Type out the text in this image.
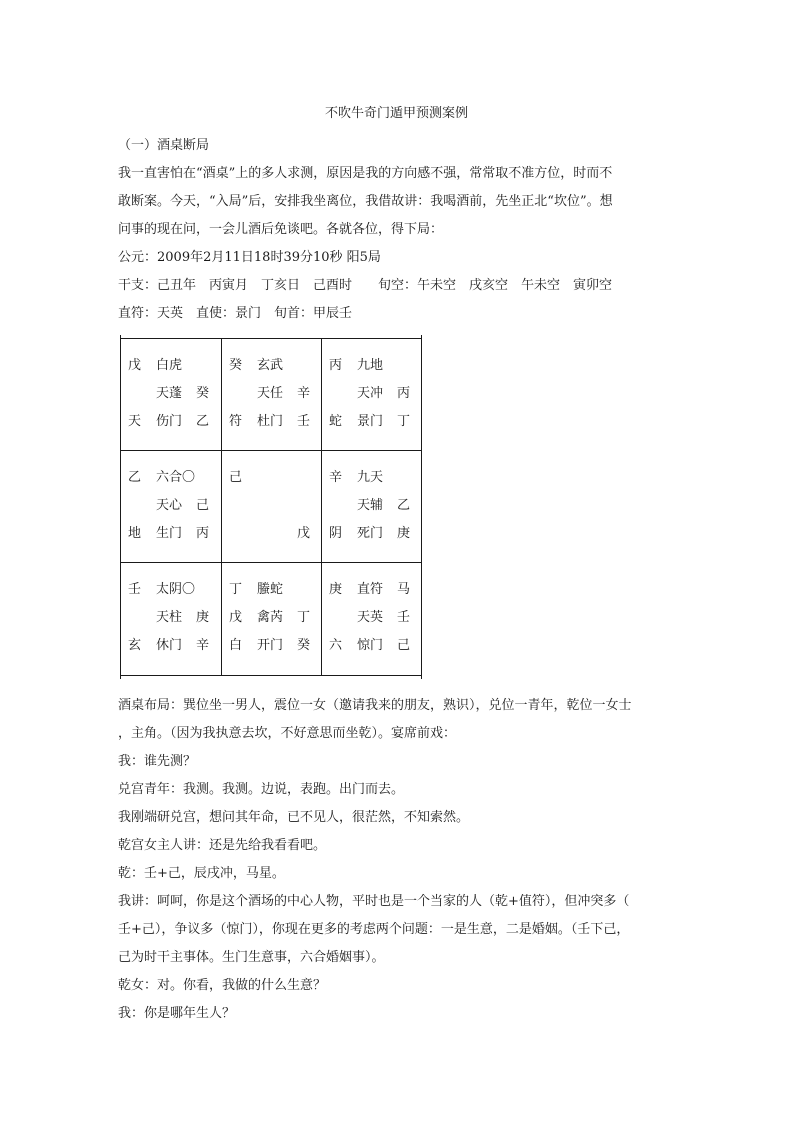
不吹牛奇门遁甲预测案例
（一）酒桌断局
我一直害怕在“酒桌”上的多人求测，原因是我的方向感不强，常常取不准方位，时而不
敢断案。今天，“入局”后，安排我坐离位，我借故讲：我喝酒前，先坐正北“坎位”。想
问事的现在问，一会儿酒后免谈吧。各就各位，得下局：
公元：2009年2月11日18时39分10秒 阳5局
干支：己丑年　丙寅月　丁亥日　己酉时　　旬空：午未空　戌亥空　午未空　寅卯空
直符：天英　直使：景门　旬首：甲辰壬
戊 白虎
天蓬 癸
天 伤门 乙
癸 玄武
天任 辛
符 杜门 壬
丙 九地
天冲 丙
蛇 景门 丁
乙 六合〇
天心 己
地 生门 丙
己
戊
辛 九天
天辅 乙
阴 死门 庚
壬 太阴〇
天柱 庚
玄 休门 辛
丁 螣蛇
戊 禽芮 丁
白 开门 癸
庚 直符 马
天英 壬
六 惊门 己
酒桌布局：巽位坐一男人，震位一女（邀请我来的朋友，熟识），兑位一青年，乾位一女士
，主角。（因为我执意去坎，不好意思而坐乾）。宴席前戏：
我：谁先测？
兑宫青年：我测。我测。边说，表跑。出门而去。
我刚端研兑宫，想问其年命，已不见人，很茫然，不知索然。
乾宫女主人讲：还是先给我看看吧。
乾：壬+己，辰戌冲，马星。
我讲：呵呵，你是这个酒场的中心人物，平时也是一个当家的人（乾+值符），但冲突多（
壬+己），争议多（惊门），你现在更多的考虑两个问题：一是生意，二是婚姻。（壬下己，
己为时干主事体。生门生意事，六合婚姻事）。
乾女：对。你看，我做的什么生意？
我：你是哪年生人？
